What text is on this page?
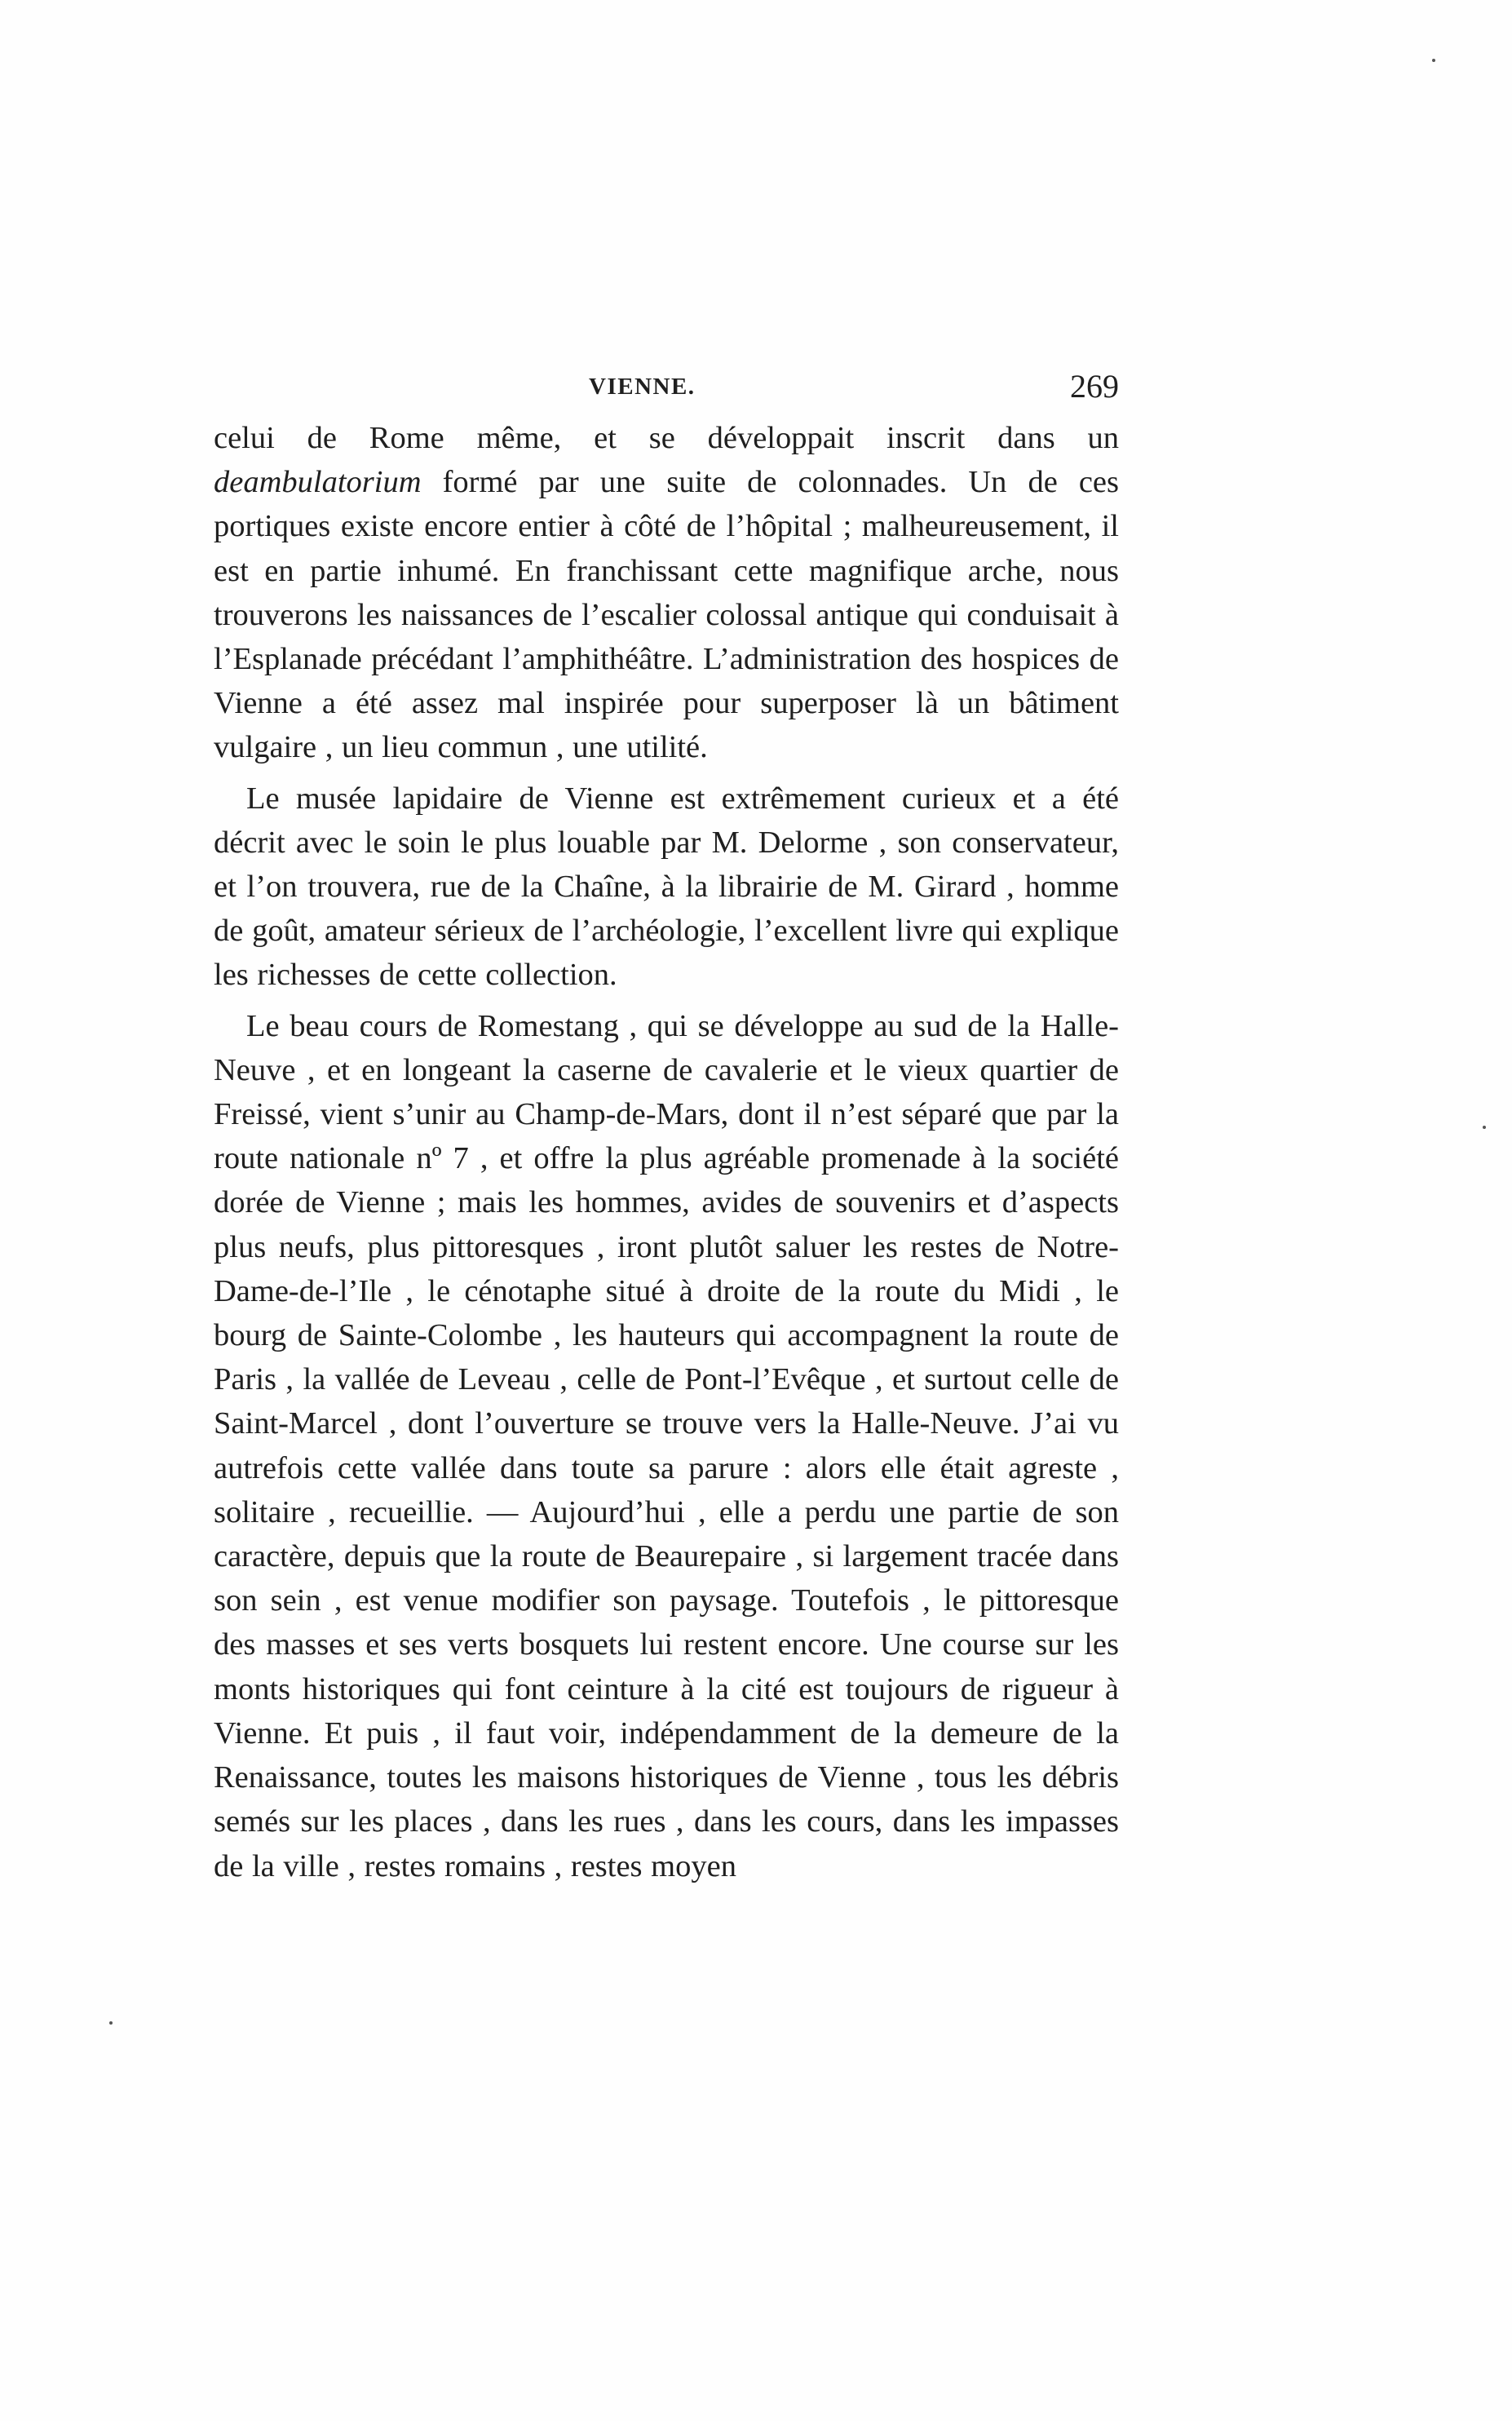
VIENNE.	269

celui de Rome même, et se développait inscrit dans un deambulatorium formé par une suite de colonnades. Un de ces portiques existe encore entier à côté de l’hôpital ; malheureusement, il est en partie inhumé. En franchissant cette magnifique arche, nous trouverons les naissances de l’escalier colossal antique qui conduisait à l’Esplanade précédant l’amphithéâtre. L’administration des hospices de Vienne a été assez mal inspirée pour superposer là un bâtiment vulgaire , un lieu commun , une utilité.

Le musée lapidaire de Vienne est extrêmement curieux et a été décrit avec le soin le plus louable par M. Delorme , son conservateur, et l’on trouvera, rue de la Chaîne, à la librairie de M. Girard , homme de goût, amateur sérieux de l’archéologie, l’excellent livre qui explique les richesses de cette collection.

Le beau cours de Romestang , qui se développe au sud de la Halle-Neuve , et en longeant la caserne de cavalerie et le vieux quartier de Freissé, vient s’unir au Champ-de-Mars, dont il n’est séparé que par la route nationale nº 7 , et offre la plus agréable promenade à la société dorée de Vienne ; mais les hommes, avides de souvenirs et d’aspects plus neufs, plus pittoresques , iront plutôt saluer les restes de Notre-Dame-de-l’Ile , le cénotaphe situé à droite de la route du Midi , le bourg de Sainte-Colombe , les hauteurs qui accompagnent la route de Paris , la vallée de Leveau , celle de Pont-l’Evêque , et surtout celle de Saint-Marcel , dont l’ouverture se trouve vers la Halle-Neuve. J’ai vu autrefois cette vallée dans toute sa parure : alors elle était agreste , solitaire , recueillie. — Aujourd’hui , elle a perdu une partie de son caractère, depuis que la route de Beaurepaire , si largement tracée dans son sein , est venue modifier son paysage. Toutefois , le pittoresque des masses et ses verts bosquets lui restent encore. Une course sur les monts historiques qui font ceinture à la cité est toujours de rigueur à Vienne. Et puis , il faut voir, indépendamment de la demeure de la Renaissance, toutes les maisons historiques de Vienne , tous les débris semés sur les places , dans les rues , dans les cours, dans les impasses de la ville , restes romains , restes moyen
